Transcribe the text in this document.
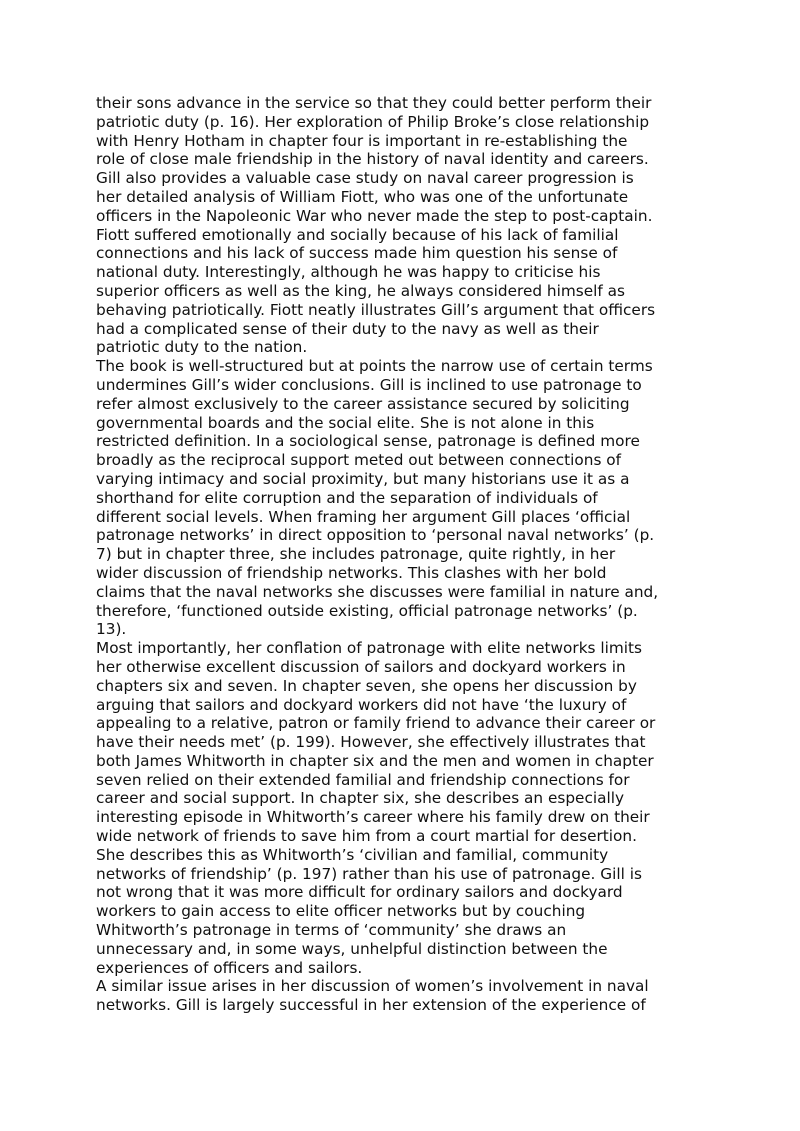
their sons advance in the service so that they could better perform their
patriotic duty (p. 16). Her exploration of Philip Broke’s close relationship
with Henry Hotham in chapter four is important in re-establishing the
role of close male friendship in the history of naval identity and careers.
Gill also provides a valuable case study on naval career progression is
her detailed analysis of William Fiott, who was one of the unfortunate
officers in the Napoleonic War who never made the step to post-captain.
Fiott suffered emotionally and socially because of his lack of familial
connections and his lack of success made him question his sense of
national duty. Interestingly, although he was happy to criticise his
superior officers as well as the king, he always considered himself as
behaving patriotically. Fiott neatly illustrates Gill’s argument that officers
had a complicated sense of their duty to the navy as well as their
patriotic duty to the nation.

The book is well-structured but at points the narrow use of certain terms
undermines Gill’s wider conclusions. Gill is inclined to use patronage to
refer almost exclusively to the career assistance secured by soliciting
governmental boards and the social elite. She is not alone in this
restricted definition. In a sociological sense, patronage is defined more
broadly as the reciprocal support meted out between connections of
varying intimacy and social proximity, but many historians use it as a
shorthand for elite corruption and the separation of individuals of
different social levels. When framing her argument Gill places ‘official
patronage networks’ in direct opposition to ‘personal naval networks’ (p.
7) but in chapter three, she includes patronage, quite rightly, in her
wider discussion of friendship networks. This clashes with her bold
claims that the naval networks she discusses were familial in nature and,
therefore, ‘functioned outside existing, official patronage networks’ (p.
13).

Most importantly, her conflation of patronage with elite networks limits
her otherwise excellent discussion of sailors and dockyard workers in
chapters six and seven. In chapter seven, she opens her discussion by
arguing that sailors and dockyard workers did not have ‘the luxury of
appealing to a relative, patron or family friend to advance their career or
have their needs met’ (p. 199). However, she effectively illustrates that
both James Whitworth in chapter six and the men and women in chapter
seven relied on their extended familial and friendship connections for
career and social support. In chapter six, she describes an especially
interesting episode in Whitworth’s career where his family drew on their
wide network of friends to save him from a court martial for desertion.
She describes this as Whitworth’s ‘civilian and familial, community
networks of friendship’ (p. 197) rather than his use of patronage. Gill is
not wrong that it was more difficult for ordinary sailors and dockyard
workers to gain access to elite officer networks but by couching
Whitworth’s patronage in terms of ‘community’ she draws an
unnecessary and, in some ways, unhelpful distinction between the
experiences of officers and sailors.

A similar issue arises in her discussion of women’s involvement in naval
networks. Gill is largely successful in her extension of the experience of
